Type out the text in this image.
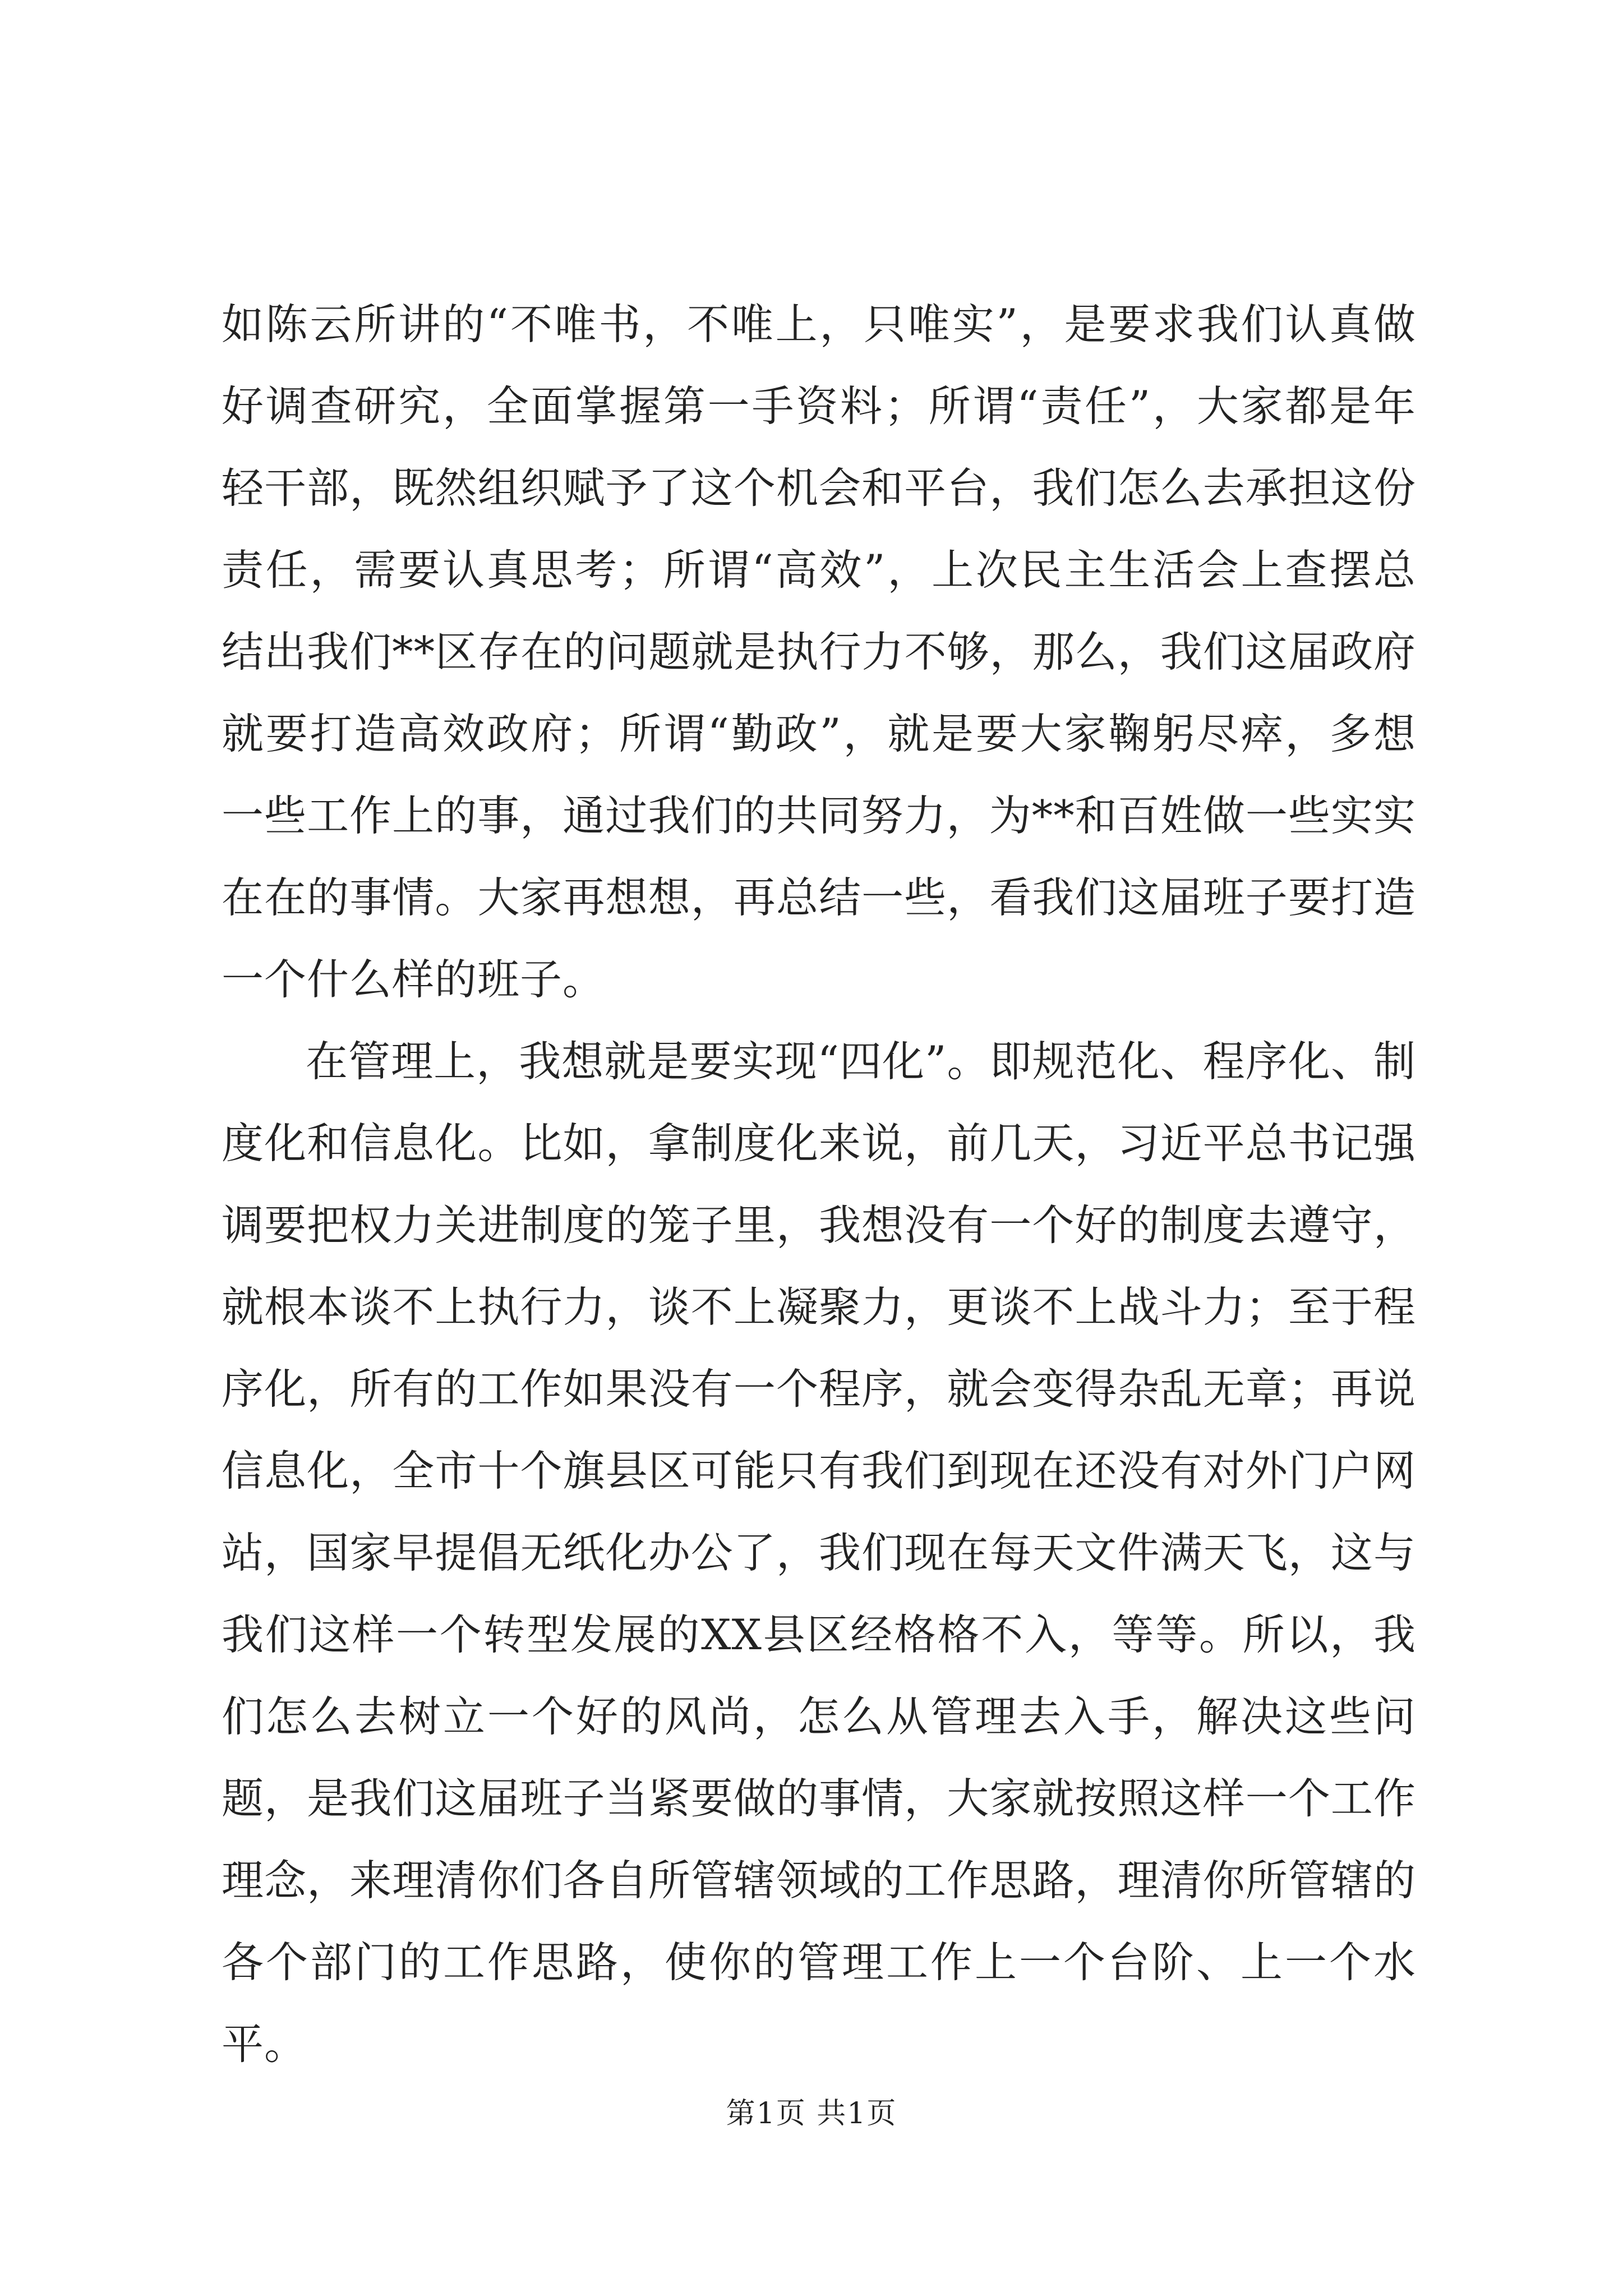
如陈云所讲的“不唯书，不唯上，只唯实”，是要求我们认真做好调查研究，全面掌握第一手资料；所谓“责任”，大家都是年轻干部，既然组织赋予了这个机会和平台，我们怎么去承担这份责任，需要认真思考；所谓“高效”，上次民主生活会上查摆总结出我们**区存在的问题就是执行力不够，那么，我们这届政府就要打造高效政府；所谓“勤政”，就是要大家鞠躬尽瘁，多想一些工作上的事，通过我们的共同努力，为**和百姓做一些实实在在的事情。大家再想想，再总结一些，看我们这届班子要打造一个什么样的班子。

在管理上，我想就是要实现“四化”。即规范化、程序化、制度化和信息化。比如，拿制度化来说，前几天，习近平总书记强调要把权力关进制度的笼子里，我想没有一个好的制度去遵守，就根本谈不上执行力，谈不上凝聚力，更谈不上战斗力；至于程序化，所有的工作如果没有一个程序，就会变得杂乱无章；再说信息化，全市十个旗县区可能只有我们到现在还没有对外门户网站，国家早提倡无纸化办公了，我们现在每天文件满天飞，这与我们这样一个转型发展的XX县区经格格不入，等等。所以，我们怎么去树立一个好的风尚，怎么从管理去入手，解决这些问题，是我们这届班子当紧要做的事情，大家就按照这样一个工作理念，来理清你们各自所管辖领域的工作思路，理清你所管辖的各个部门的工作思路，使你的管理工作上一个台阶、上一个水平。

第1页 共1页
